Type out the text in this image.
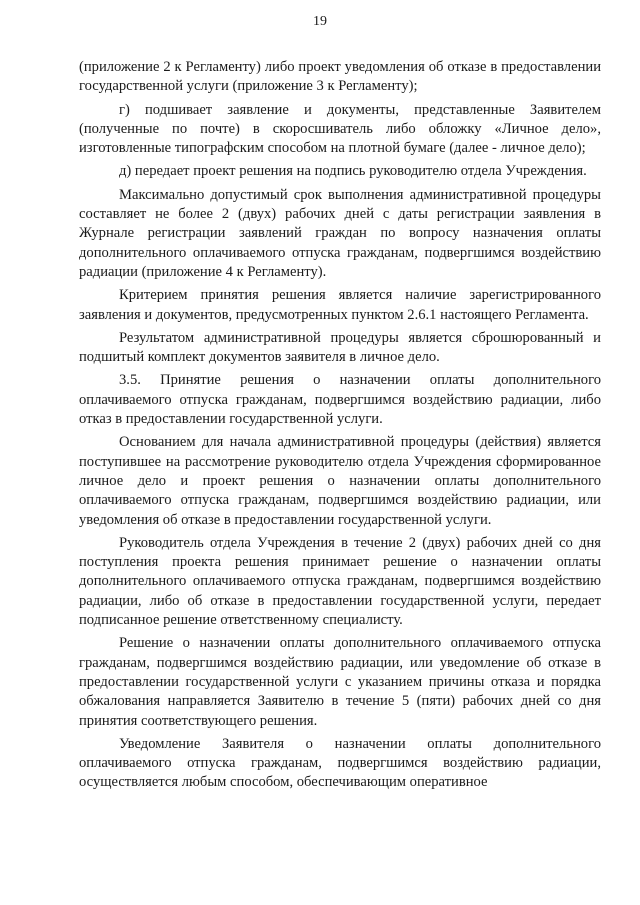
19

(приложение 2 к Регламенту) либо проект уведомления об отказе в предоставлении государственной услуги (приложение 3 к Регламенту);

г) подшивает заявление и документы, представленные Заявителем (полученные по почте) в скоросшиватель либо обложку «Личное дело», изготовленные типографским способом на плотной бумаге (далее - личное дело);

д) передает проект решения на подпись руководителю отдела Учреждения.

Максимально допустимый срок выполнения административной процедуры составляет не более 2 (двух) рабочих дней с даты регистрации заявления в Журнале регистрации заявлений граждан по вопросу назначения оплаты дополнительного оплачиваемого отпуска гражданам, подвергшимся воздействию радиации (приложение 4 к Регламенту).

Критерием принятия решения является наличие зарегистрированного заявления и документов, предусмотренных пунктом 2.6.1 настоящего Регламента.

Результатом административной процедуры является сброшюрованный и подшитый комплект документов заявителя в личное дело.

3.5. Принятие решения о назначении оплаты дополнительного оплачиваемого отпуска гражданам, подвергшимся воздействию радиации, либо отказ в предоставлении государственной услуги.

Основанием для начала административной процедуры (действия) является поступившее на рассмотрение руководителю отдела Учреждения сформированное личное дело и проект решения о назначении оплаты дополнительного оплачиваемого отпуска гражданам, подвергшимся воздействию радиации, или уведомления об отказе в предоставлении государственной услуги.

Руководитель отдела Учреждения в течение 2 (двух) рабочих дней со дня поступления проекта решения принимает решение о назначении оплаты дополнительного оплачиваемого отпуска гражданам, подвергшимся воздействию радиации, либо об отказе в предоставлении государственной услуги, передает подписанное решение ответственному специалисту.

Решение о назначении оплаты дополнительного оплачиваемого отпуска гражданам, подвергшимся воздействию радиации, или уведомление об отказе в предоставлении государственной услуги с указанием причины отказа и порядка обжалования направляется Заявителю в течение 5 (пяти) рабочих дней со дня принятия соответствующего решения.

Уведомление Заявителя о назначении оплаты дополнительного оплачиваемого отпуска гражданам, подвергшимся воздействию радиации, осуществляется любым способом, обеспечивающим оперативное
